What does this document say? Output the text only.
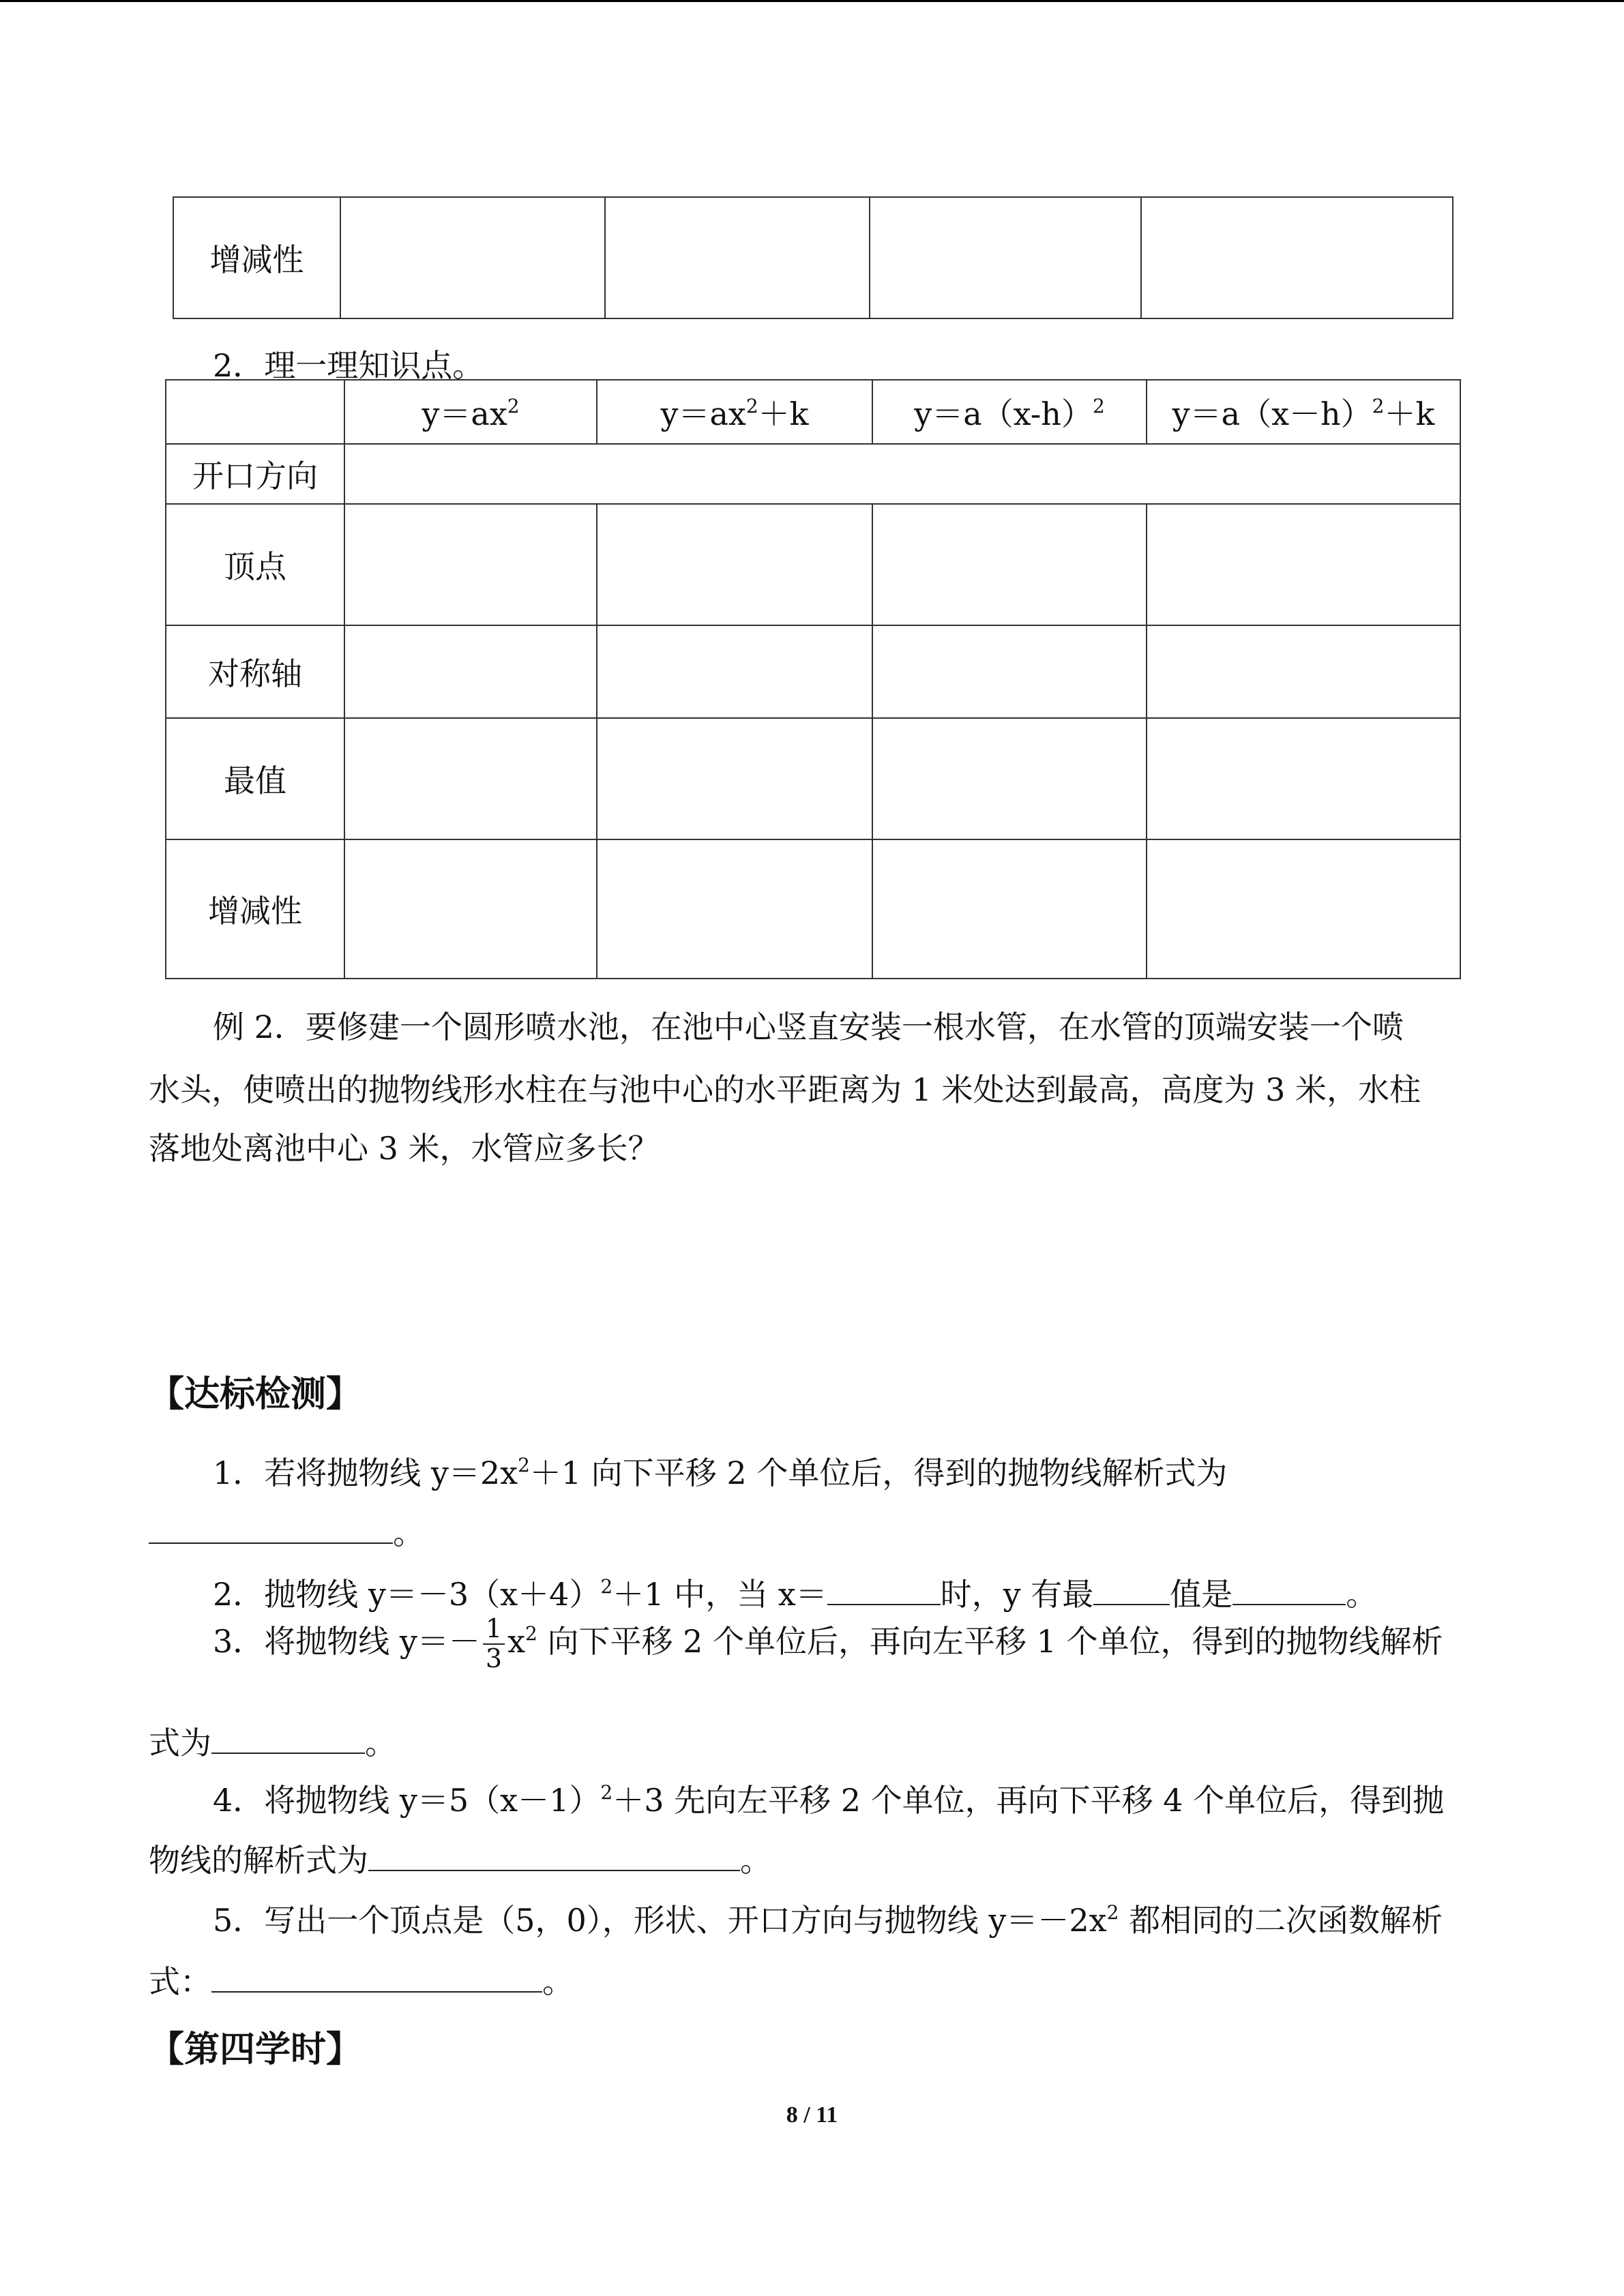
增减性				
2．理一理知识点。
	$y=ax^2$	$y=ax^2+k$	$y=a(x-h)^2$	$y=a(x-h)^2+k$
开口方向				
顶点				
对称轴				
最值				
增减性				
例 2．要修建一个圆形喷水池，在池中心竖直安装一根水管，在水管的顶端安装一个喷
水头，使喷出的抛物线形水柱在与池中心的水平距离为 1 米处达到最高，高度为 3 米，水柱
落地处离池中心 3 米，水管应多长？
【达标检测】
1．若将抛物线 $y=2x^2+1$ 向下平移 2 个单位后，得到的抛物线解析式为
。
2．抛物线 $y=-3(x+4)^2+1$ 中，当 x＝	时，y 有最 值是	。
3．将抛物线 $y=- \frac{1}{3} x^2$ 向下平移 2 个单位后，再向左平移 1 个单位，得到的抛物线解析
式为	。
4．将抛物线 $y=5(x-1)^2+3$ 先向左平移 2 个单位，再向下平移 4 个单位后，得到抛
物线的解析式为	。
5．写出一个顶点是（5，0），形状、开口方向与抛物线 $y=-2x^2$ 都相同的二次函数解析
式：	。
【第四学时】
8 / 11
